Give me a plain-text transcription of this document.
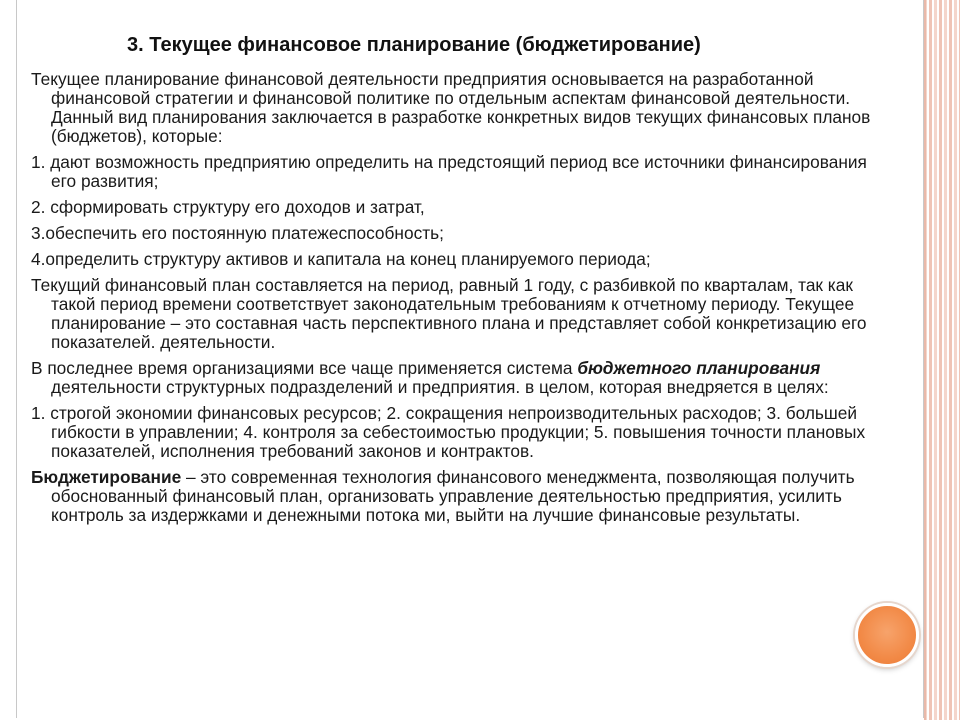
3. Текущее финансовое планирование (бюджетирование)

Текущее планирование финансовой деятельности предприятия основывается на разработанной финансовой стратегии и финансовой политике по отдельным аспектам финансовой деятельности. Данный вид планирования заключается в разработке конкретных видов текущих финансовых планов (бюджетов), которые:

1. дают возможность предприятию определить на предстоящий период все источники финансирования его развития;

2. сформировать структуру его доходов и затрат,

3.обеспечить его постоянную платежеспособность;

4.определить структуру активов и капитала на конец планируемого периода;

Текущий финансовый план составляется на период, равный 1 году, с разбивкой по кварталам, так как такой период времени соответствует законодательным требованиям к отчетному периоду. Текущее планирование – это составная часть перспективного плана и представляет собой конкретизацию его показателей. деятельности.

В последнее время организациями все чаще применяется система бюджетного планирования деятельности структурных подразделений и предприятия. в целом, которая внедряется в целях:

1. строгой экономии финансовых ресурсов; 2. сокращения непроизводительных расходов; 3. большей гибкости в управлении; 4. контроля за себестоимостью продукции; 5. повышения точности плановых показателей, исполнения требований законов и контрактов.

Бюджетирование – это современная технология финансового менеджмента, позволяющая получить обоснованный финансовый план, организовать управление деятельностью предприятия, усилить контроль за издержками и денежными потока ми, выйти на лучшие финансовые результаты.
